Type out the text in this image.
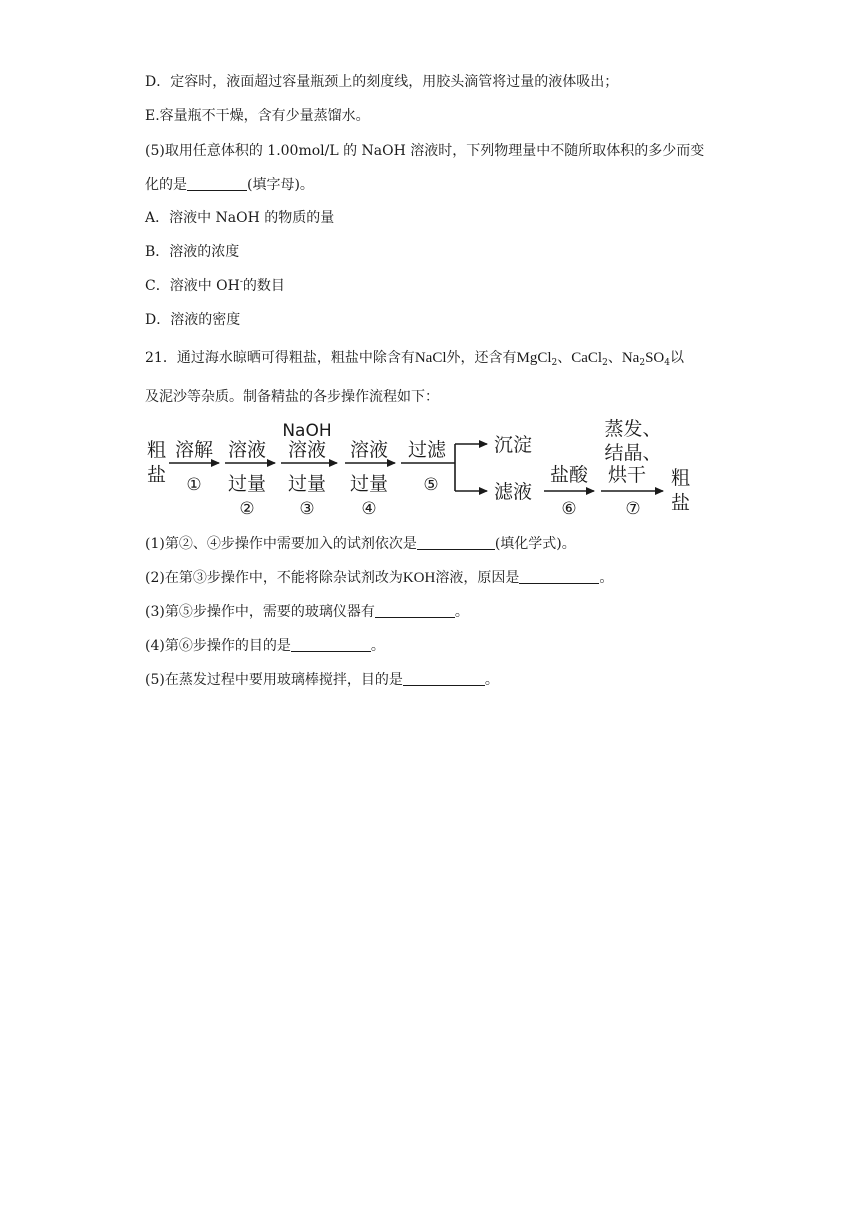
D．定容时，液面超过容量瓶颈上的刻度线，用胶头滴管将过量的液体吸出；
E.容量瓶不干燥，含有少量蒸馏水。
(5)取用任意体积的 1.00mol/L 的 NaOH 溶液时，下列物理量中不随所取体积的多少而变
化的是	(填字母)。
A．溶液中 NaOH 的物质的量
B．溶液的浓度
C．溶液中 OH-的数目
D．溶液的密度
21．通过海水晾晒可得粗盐，粗盐中除含有NaCl外，还含有MgCl$_2$、CaCl$_2$、$Na_2SO_4$以
及泥沙等杂质。制备精盐的各步操作流程如下：
粗
盐
溶解
①
溶液
过量
②
NaOH
溶液
过量
③
溶液
过量
④
过滤
⑤
沉淀
滤液
盐酸
⑥
蒸发、
结晶、
烘干
⑦
粗
盐
(1)第②、④步操作中需要加入的试剂依次是	(填化学式)。
(2)在第③步操作中，不能将除杂试剂改为KOH溶液，原因是	。
(3)第⑤步操作中，需要的玻璃仪器有	。
(4)第⑥步操作的目的是	。
(5)在蒸发过程中要用玻璃棒搅拌，目的是	。
